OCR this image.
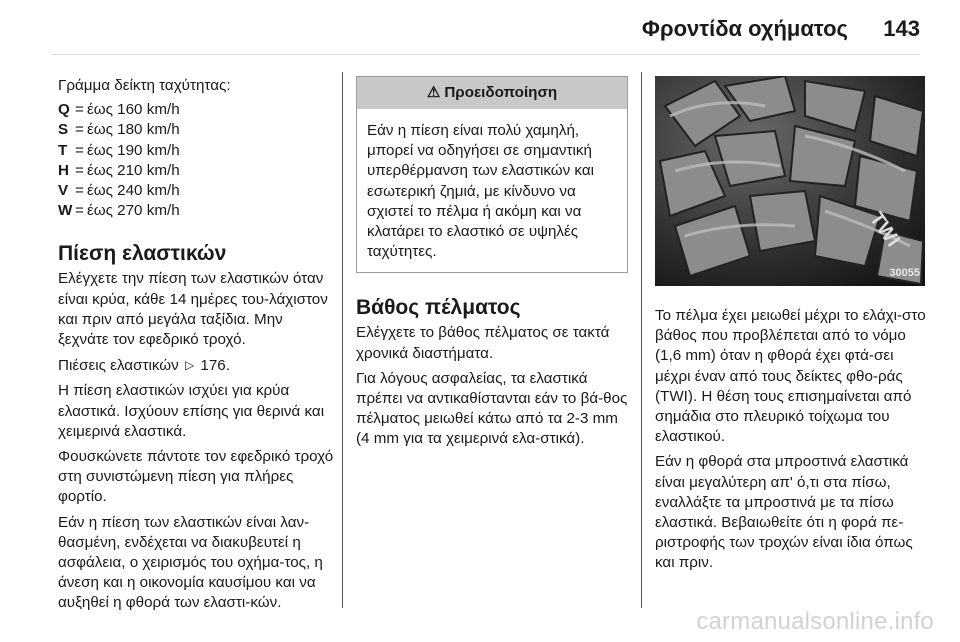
Φροντίδα οχήματος 143
Γράμμα δείκτη ταχύτητας:
Q = έως 160 km/h
S = έως 180 km/h
T = έως 190 km/h
H = έως 210 km/h
V = έως 240 km/h
W = έως 270 km/h
Πίεση ελαστικών
Ελέγχετε την πίεση των ελαστικών όταν είναι κρύα, κάθε 14 ημέρες του-λάχιστον και πριν από μεγάλα ταξίδια. Μην ξεχνάτε τον εφεδρικό τροχό.
Πιέσεις ελαστικών ▷ 176.
Η πίεση ελαστικών ισχύει για κρύα ελαστικά. Ισχύουν επίσης για θερινά και χειμερινά ελαστικά.
Φουσκώνετε πάντοτε τον εφεδρικό τροχό στη συνιστώμενη πίεση για πλήρες φορτίο.
Εάν η πίεση των ελαστικών είναι λαν-θασμένη, ενδέχεται να διακυβευτεί η ασφάλεια, ο χειρισμός του οχήμα-τος, η άνεση και η οικονομία καυσίμου και να αυξηθεί η φθορά των ελαστι-κών.
⚠ Προειδοποίηση
Εάν η πίεση είναι πολύ χαμηλή, μπορεί να οδηγήσει σε σημαντική υπερθέρμανση των ελαστικών και εσωτερική ζημιά, με κίνδυνο να σχιστεί το πέλμα ή ακόμη και να κλατάρει το ελαστικό σε υψηλές ταχύτητες.
Βάθος πέλματος
Ελέγχετε το βάθος πέλματος σε τακτά χρονικά διαστήματα.
Για λόγους ασφαλείας, τα ελαστικά πρέπει να αντικαθίστανται εάν το βά-θος πέλματος μειωθεί κάτω από τα 2-3 mm (4 mm για τα χειμερινά ελα-στικά).
TWI
30055
Το πέλμα έχει μειωθεί μέχρι το ελάχι-στο βάθος που προβλέπεται από το νόμο (1,6 mm) όταν η φθορά έχει φτά-σει μέχρι έναν από τους δείκτες φθο-ράς (TWI). Η θέση τους επισημαίνεται από σημάδια στο πλευρικό τοίχωμα του ελαστικού.
Εάν η φθορά στα μπροστινά ελαστικά είναι μεγαλύτερη απ' ό,τι στα πίσω, εναλλάξτε τα μπροστινά με τα πίσω ελαστικά. Βεβαιωθείτε ότι η φορά πε-ριστροφής των τροχών είναι ίδια όπως και πριν.
carmanualsonline.info
